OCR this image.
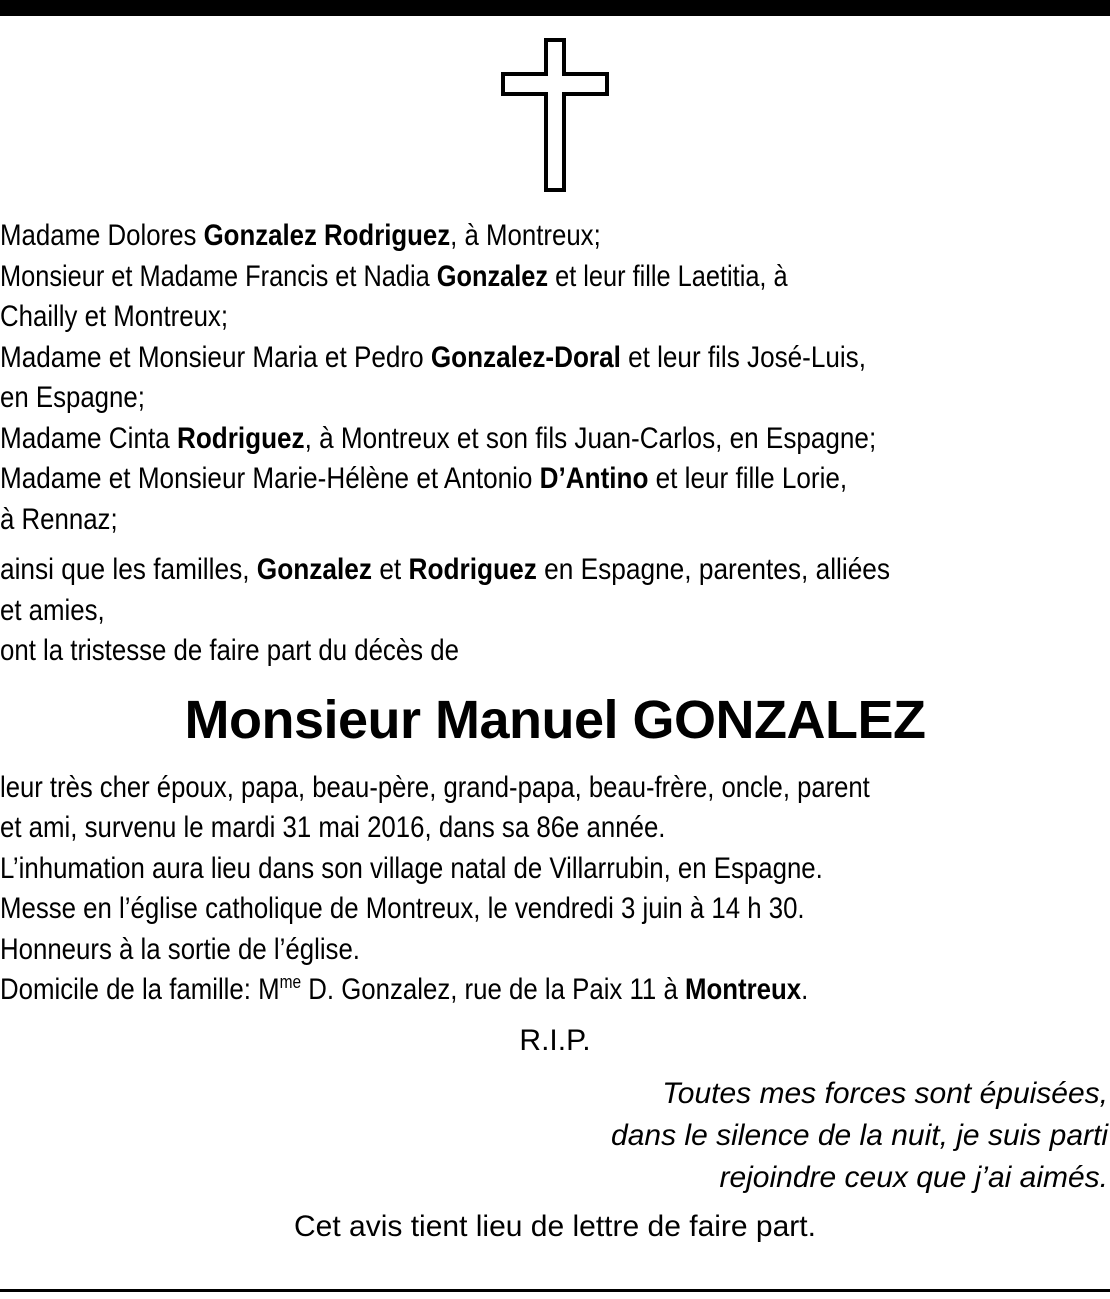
Madame Dolores Gonzalez Rodriguez, à Montreux;
Monsieur et Madame Francis et Nadia Gonzalez et leur fille Laetitia, à
Chailly et Montreux;
Madame et Monsieur Maria et Pedro Gonzalez-Doral et leur fils José-Luis,
en Espagne;
Madame Cinta Rodriguez, à Montreux et son fils Juan-Carlos, en Espagne;
Madame et Monsieur Marie-Hélène et Antonio D’Antino et leur fille Lorie,
à Rennaz;
ainsi que les familles, Gonzalez et Rodriguez en Espagne, parentes, alliées
et amies,
ont la tristesse de faire part du décès de
Monsieur Manuel GONZALEZ
leur très cher époux, papa, beau-père, grand-papa, beau-frère, oncle, parent
et ami, survenu le mardi 31 mai 2016, dans sa 86e année.
L’inhumation aura lieu dans son village natal de Villarrubin, en Espagne.
Messe en l’église catholique de Montreux, le vendredi 3 juin à 14 h 30.
Honneurs à la sortie de l’église.
Domicile de la famille: $M^{me}$ D. Gonzalez, rue de la Paix 11 à Montreux.
R.I.P.
Toutes mes forces sont épuisées,
dans le silence de la nuit, je suis parti
rejoindre ceux que j’ai aimés.
Cet avis tient lieu de lettre de faire part.
